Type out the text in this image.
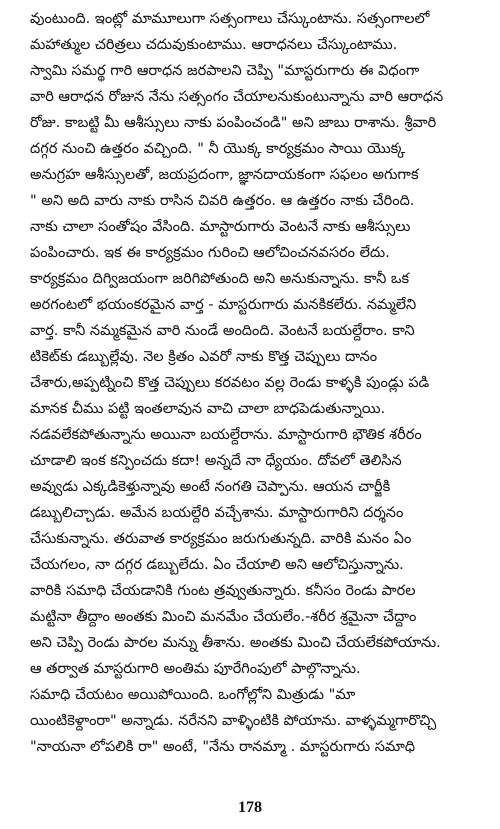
వుంటుంది. ఇంట్లో మామూలుగా సత్సంగాలు చేస్కుంటాను. సత్సంగాలలో
మహాత్ముల చరిత్రలు చదువుకుంటాము. ఆరాధనలు చేస్కుంటాము.
స్వామి సమర్థ గారి ఆరాధన జరపాలని చెప్పి "మాస్టరుగారు ఈ విధంగా
వారి ఆరాధన రోజున నేను సత్సంగం చేయాలనుకుంటున్నాను వారి ఆరాధన
రోజు. కాబట్టి మీ ఆశీస్సులు నాకు పంపించండి" అని జాబు రాశాను. శ్రీవారి
దగ్గర నుంచి ఉత్తరం వచ్చింది. " నీ యొక్క కార్యక్రమం సాయి యొక్క
అనుగ్రహ ఆశీస్సులతో, జయప్రదంగా, జ్ఞానదాయకంగా సఫలం అగుగాక
" అని అది వారు నాకు రాసిన చివరి ఉత్తరం. ఆ ఉత్తరం నాకు చేరింది.
నాకు చాలా సంతోషం వేసింది. మాస్టారుగారు వెంటనే నాకు ఆశీస్సులు
పంపించారు. ఇక ఈ కార్యక్రమం గురించి ఆలోచించనవసరం లేదు.
కార్యక్రమం దిగ్విజయంగా జరిగిపోతుంది అని అనుకున్నాను. కానీ ఒక
అరగంటలో భయంకరమైన వార్త - మాస్టరుగారు మనకికలేరు. నమ్మలేని
వార్త. కానీ నమ్మకమైన వారి నుండే అందింది. వెంటనే బయల్దేరాం. కాని
టికెట్‌కు డబ్బుల్లేవు. నెల క్రితం ఎవరో నాకు కొత్త చెప్పులు దానం
చేశారు,అప్పట్నించి కొత్త చెప్పులు కరవటం వల్ల రెండు కాళ్ళకి పుండ్లు పడి
మానక చీము పట్టి ఇంతలావున వాచి చాలా బాధపెడుతున్నాయి.
నడవలేకపోతున్నాను అయినా బయల్దేరాను. మాస్టారుగారి భౌతిక శరీరం
చూడాలి ఇంక కన్పించదు కదా! అన్నదే నా ధ్యేయం. దోవలో తెలిసిన
అవ్వుడు ఎక్కడికెళ్తున్నావు అంటే నంగతి చెప్పాను. ఆయన చార్జీకి
డబ్బులిచ్చాడు. అమేన బయల్దేరి వచ్చేశాను. మాస్టారుగారిని దర్శనం
చేసుకున్నాను. తరువాత కార్యక్రమం జరుగుతున్నది. వారికి మనం ఏం
చేయగలం, నా దగ్గర డబ్బులేదు. ఏం చేయాలి అని ఆలోచిస్తున్నాను.
వారికి సమాధి చేయడానికి గుంట త్రవ్వుతున్నారు. కనీసం రెండు పారల
మట్టినా తీద్దాం అంతకు మించి మనమేం చేయలేం.-శరీర శ్రమైనా చేద్దాం
అని చెప్పి రెండు పారల మన్ను తీశాను. అంతకు మించి చేయలేకపోయాను.
ఆ తర్వాత మాస్టరుగారి అంతిమ పూరేగింపులో పాల్గొన్నాను.
సమాధి చేయటం అయిపోయింది. ఒంగోల్లోని మిత్రుడు "మా
యింటికెళ్దాంరా" అన్నాడు. నరేనని వాళ్ళింటికి పోయాను. వాళ్ళమ్మగారొచ్చి
"నాయనా లోపలికి రా" అంటే, "నేను రానమ్మా . మాస్టరుగారు సమాధి
178
